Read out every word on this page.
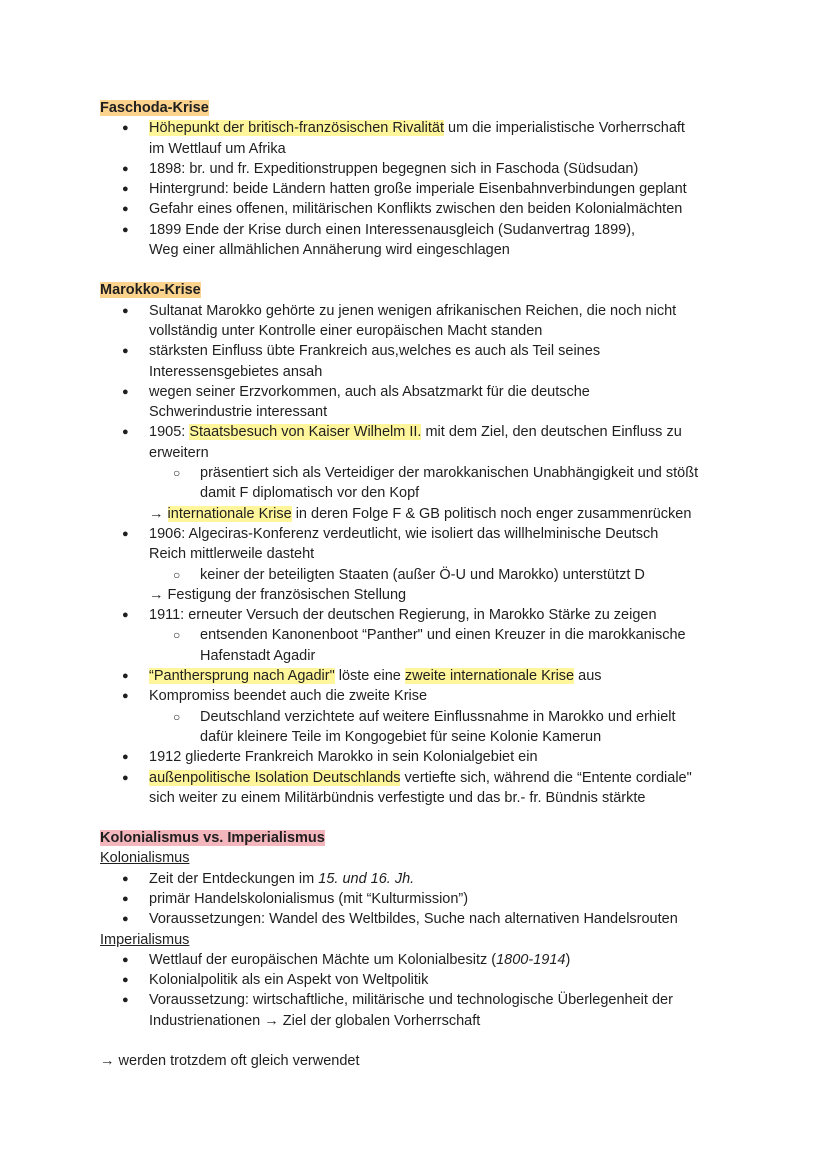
Faschoda-Krise
● Höhepunkt der britisch-französischen Rivalität um die imperialistische Vorherrschaft
im Wettlauf um Afrika
● 1898: br. und fr. Expeditionstruppen begegnen sich in Faschoda (Südsudan)
● Hintergrund: beide Ländern hatten große imperiale Eisenbahnverbindungen geplant
● Gefahr eines offenen, militärischen Konflikts zwischen den beiden Kolonialmächten
● 1899 Ende der Krise durch einen Interessenausgleich (Sudanvertrag 1899),
Weg einer allmählichen Annäherung wird eingeschlagen
Marokko-Krise
● Sultanat Marokko gehörte zu jenen wenigen afrikanischen Reichen, die noch nicht
vollständig unter Kontrolle einer europäischen Macht standen
● stärksten Einfluss übte Frankreich aus,welches es auch als Teil seines
Interessensgebietes ansah
● wegen seiner Erzvorkommen, auch als Absatzmarkt für die deutsche
Schwerindustrie interessant
● 1905: Staatsbesuch von Kaiser Wilhelm II. mit dem Ziel, den deutschen Einfluss zu
erweitern
○ präsentiert sich als Verteidiger der marokkanischen Unabhängigkeit und stößt
damit F diplomatisch vor den Kopf
→ internationale Krise in deren Folge F & GB politisch noch enger zusammenrücken
● 1906: Algeciras-Konferenz verdeutlicht, wie isoliert das willhelminische Deutsch
Reich mittlerweile dasteht
○ keiner der beteiligten Staaten (außer Ö-U und Marokko) unterstützt D
→ Festigung der französischen Stellung
● 1911: erneuter Versuch der deutschen Regierung, in Marokko Stärke zu zeigen
○ entsenden Kanonenboot “Panther" und einen Kreuzer in die marokkanische
Hafenstadt Agadir
● “Panthersprung nach Agadir" löste eine zweite internationale Krise aus
● Kompromiss beendet auch die zweite Krise
○ Deutschland verzichtete auf weitere Einflussnahme in Marokko und erhielt
dafür kleinere Teile im Kongogebiet für seine Kolonie Kamerun
● 1912 gliederte Frankreich Marokko in sein Kolonialgebiet ein
● außenpolitische Isolation Deutschlands vertiefte sich, während die “Entente cordiale"
sich weiter zu einem Militärbündnis verfestigte und das br.- fr. Bündnis stärkte
Kolonialismus vs. Imperialismus
Kolonialismus
● Zeit der Entdeckungen im 15. und 16. Jh.
● primär Handelskolonialismus (mit “Kulturmission”)
● Voraussetzungen: Wandel des Weltbildes, Suche nach alternativen Handelsrouten
Imperialismus
● Wettlauf der europäischen Mächte um Kolonialbesitz (1800-1914)
● Kolonialpolitik als ein Aspekt von Weltpolitik
● Voraussetzung: wirtschaftliche, militärische und technologische Überlegenheit der
Industrienationen → Ziel der globalen Vorherrschaft
→ werden trotzdem oft gleich verwendet
